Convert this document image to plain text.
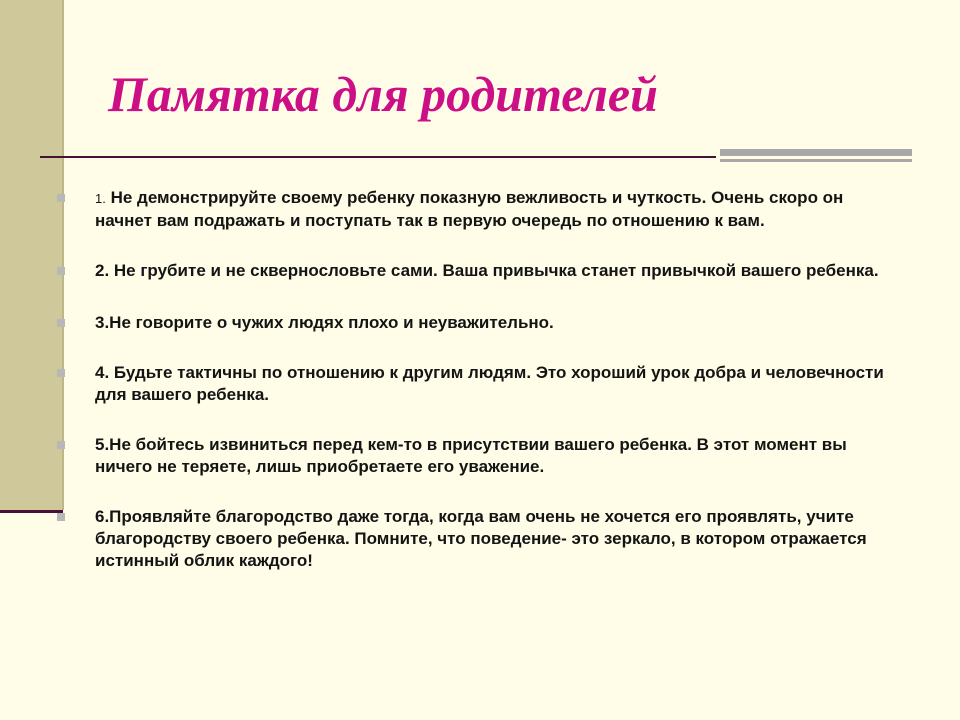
Памятка для родителей
1. Не демонстрируйте своему ребенку показную вежливость и чуткость. Очень скоро он начнет вам подражать и поступать так в первую очередь по отношению к вам.
2. Не грубите и не сквернословьте сами. Ваша привычка станет привычкой вашего ребенка.
3.Не говорите о чужих людях плохо и неуважительно.
4. Будьте тактичны по отношению к другим людям. Это хороший урок добра и человечности для вашего ребенка.
5.Не бойтесь извиниться перед кем-то в присутствии вашего ребенка. В этот момент вы ничего не теряете, лишь приобретаете его уважение.
6.Проявляйте благородство даже тогда, когда вам очень не хочется его проявлять, учите благородству своего ребенка. Помните, что поведение- это зеркало, в котором отражается истинный облик каждого!
